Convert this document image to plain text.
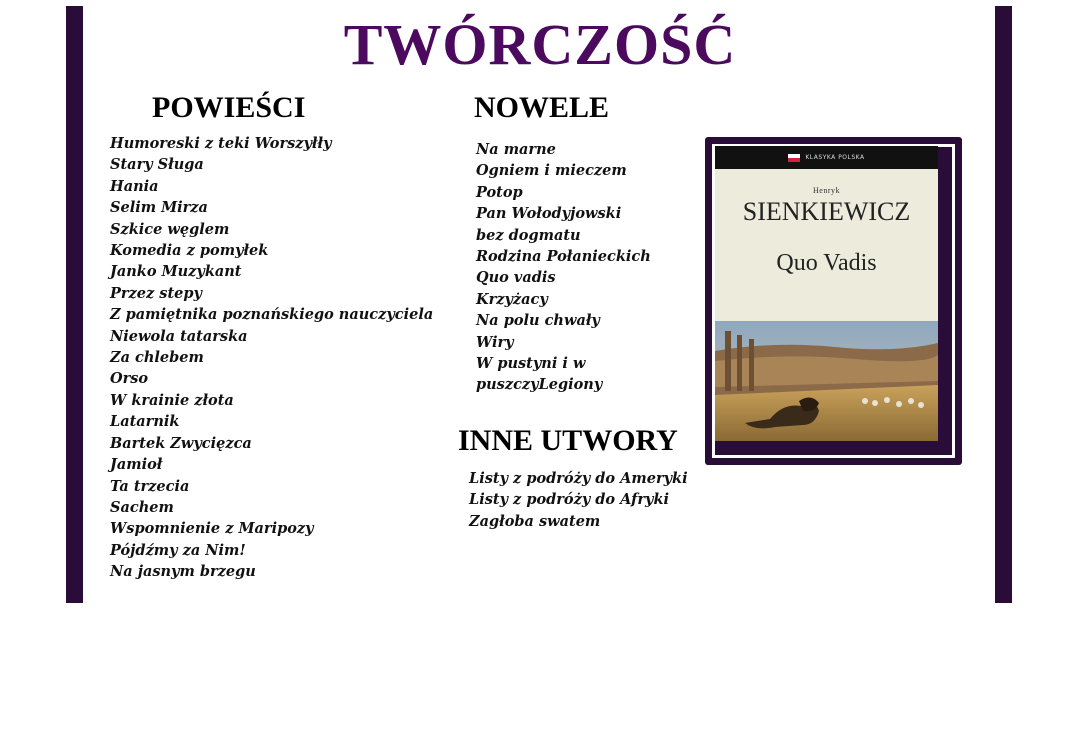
TWÓRCZOŚĆ
POWIEŚCI	NOWELE
INNE UTWORY
Humoreski z teki Worszyłły
Stary Sługa
Hania
Selim Mirza
Szkice węglem
Komedia z pomyłek
Janko Muzykant
Przez stepy
Z pamiętnika poznańskiego nauczyciela
Niewola tatarska
Za chlebem
Orso
W krainie złota
Latarnik
Bartek Zwycięzca
Jamioł
Ta trzecia
Sachem
Wspomnienie z Maripozy
Pójdźmy za Nim!
Na jasnym brzegu
Na marne
Ogniem i mieczem
Potop
Pan Wołodyjowski
bez dogmatu
Rodzina Połanieckich
Quo vadis
Krzyżacy
Na polu chwały
Wiry
W pustyni i w puszczyLegiony
Listy z podróży do Ameryki
Listy z podróży do Afryki
Zagłoba swatem
KLASYKA POLSKA
Henryk
SIENKIEWICZ
Quo Vadis
